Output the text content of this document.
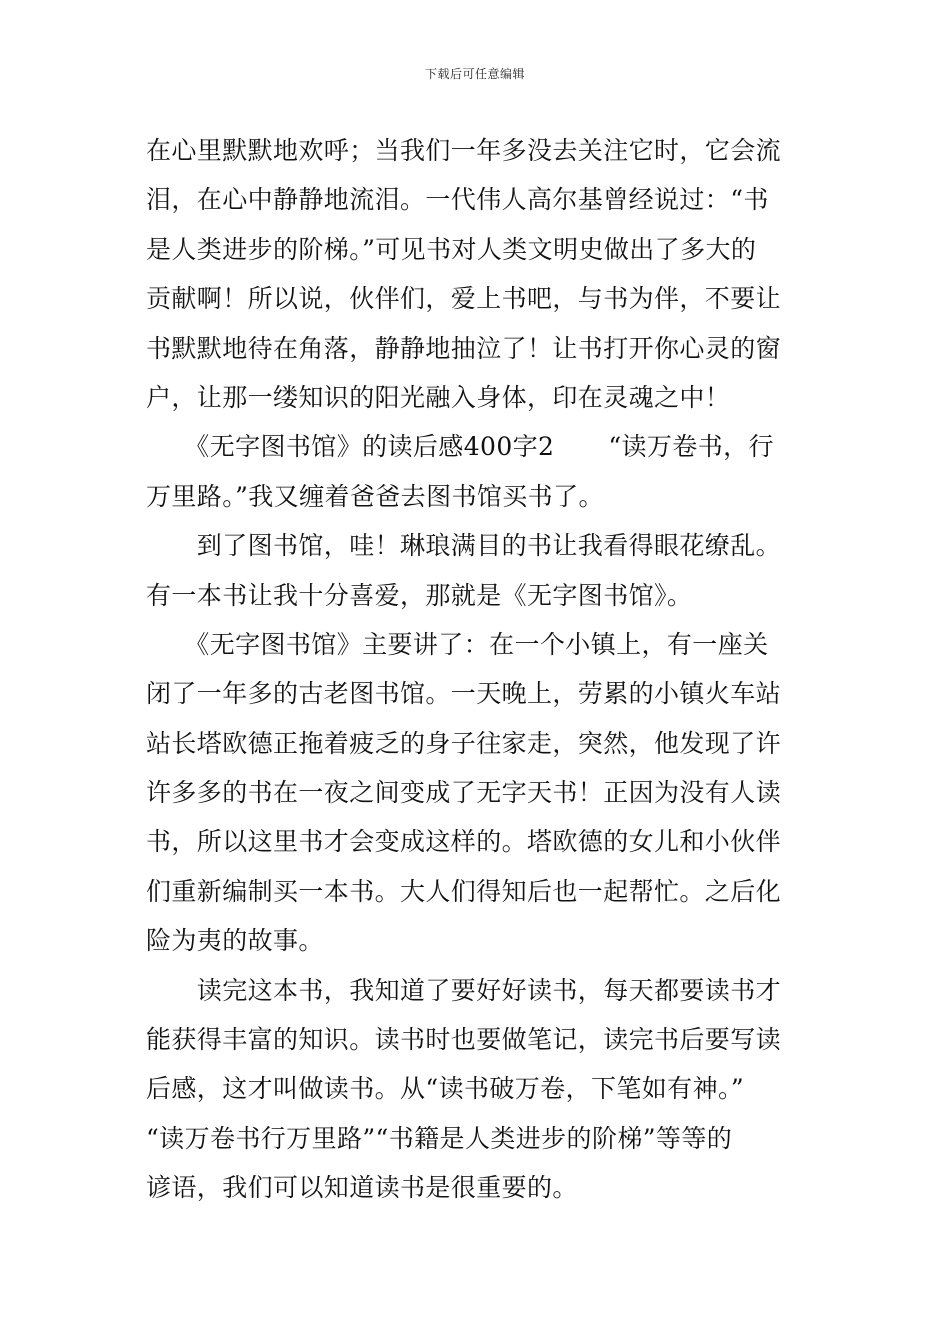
下载后可任意编辑
在心里默默地欢呼；当我们一年多没去关注它时，它会流
泪，在心中静静地流泪。一代伟人高尔基曾经说过：“书
是人类进步的阶梯。”可见书对人类文明史做出了多大的
贡献啊！所以说，伙伴们，爱上书吧，与书为伴，不要让
书默默地待在角落，静静地抽泣了！让书打开你心灵的窗
户，让那一缕知识的阳光融入身体，印在灵魂之中！
　　《无字图书馆》的读后感400字2 “读万卷书，行
万里路。”我又缠着爸爸去图书馆买书了。
　　到了图书馆，哇！琳琅满目的书让我看得眼花缭乱。
有一本书让我十分喜爱，那就是《无字图书馆》。
　　《无字图书馆》主要讲了：在一个小镇上，有一座关
闭了一年多的古老图书馆。一天晚上，劳累的小镇火车站
站长塔欧德正拖着疲乏的身子往家走，突然，他发现了许
许多多的书在一夜之间变成了无字天书！正因为没有人读
书，所以这里书才会变成这样的。塔欧德的女儿和小伙伴
们重新编制买一本书。大人们得知后也一起帮忙。之后化
险为夷的故事。
　　读完这本书，我知道了要好好读书，每天都要读书才
能获得丰富的知识。读书时也要做笔记，读完书后要写读
后感，这才叫做读书。从“读书破万卷，下笔如有神。”
“读万卷书行万里路”“书籍是人类进步的阶梯”等等的
谚语，我们可以知道读书是很重要的。
